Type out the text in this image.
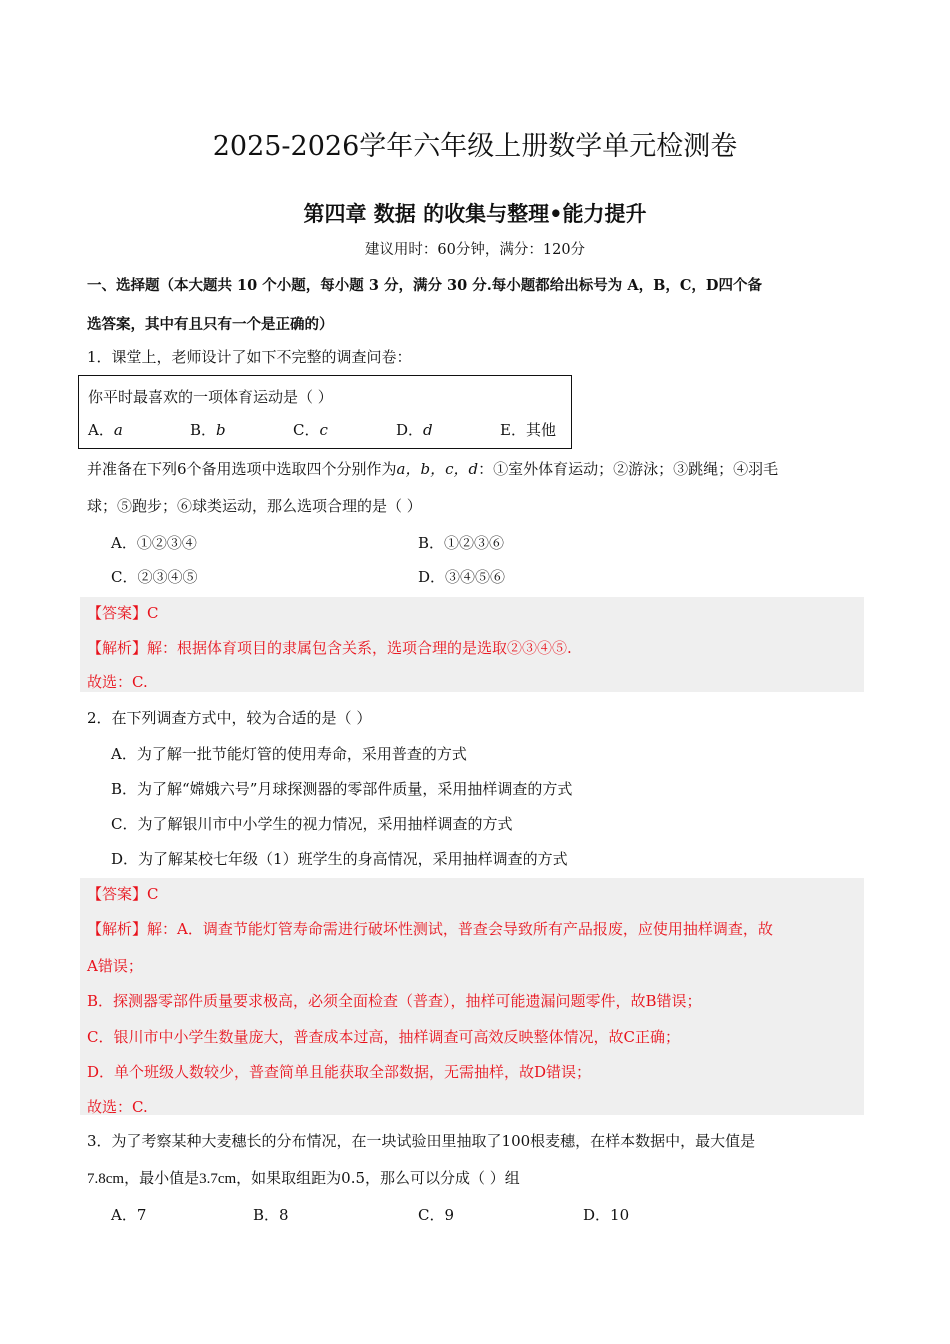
2025-2026学年六年级上册数学单元检测卷
第四章 数据 的收集与整理•能力提升
建议用时：60分钟，满分：120分
一、选择题（本大题共 10 个小题，每小题 3 分，满分 30 分.每小题都给出标号为 A，B，C，D四个备
选答案，其中有且只有一个是正确的）
1．课堂上，老师设计了如下不完整的调查问卷：
你平时最喜欢的一项体育运动是（ ）
A．a	B．b	C．c	D．d	E．其他
并准备在下列6个备用选项中选取四个分别作为a，b，c，d：①室外体育运动；②游泳；③跳绳；④羽毛
球；⑤跑步；⑥球类运动，那么选项合理的是（ ）
A．①②③④	B．①②③⑥
C．②③④⑤	D．③④⑤⑥
【答案】C
【解析】解：根据体育项目的隶属包含关系，选项合理的是选取②③④⑤.
故选：C.
2．在下列调查方式中，较为合适的是（ ）
A．为了解一批节能灯管的使用寿命，采用普查的方式
B．为了解“嫦娥六号”月球探测器的零部件质量，采用抽样调查的方式
C．为了解银川市中小学生的视力情况，采用抽样调查的方式
D．为了解某校七年级（1）班学生的身高情况，采用抽样调查的方式
【答案】C
【解析】解：A．调查节能灯管寿命需进行破坏性测试，普查会导致所有产品报废，应使用抽样调查，故
A错误；
B．探测器零部件质量要求极高，必须全面检查（普查），抽样可能遗漏问题零件，故B错误；
C．银川市中小学生数量庞大，普查成本过高，抽样调查可高效反映整体情况，故C正确；
D．单个班级人数较少，普查简单且能获取全部数据，无需抽样，故D错误；
故选：C.
3．为了考察某种大麦穗长的分布情况，在一块试验田里抽取了100根麦穗，在样本数据中，最大值是
7.8cm，最小值是3.7cm，如果取组距为0.5，那么可以分成（ ）组
A．7	B．8	C．9	D．10
